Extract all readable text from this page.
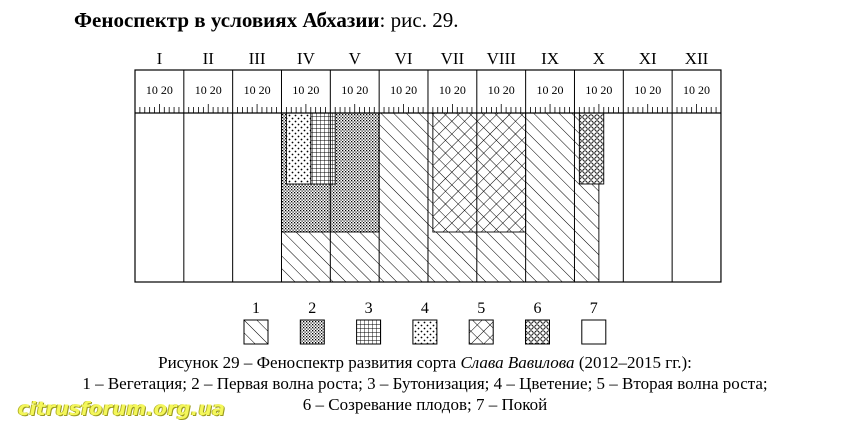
Феноспектр в условиях Абхазии: рис. 29.
I II III IV V VI VII VIII IX X XI XII
10 20 10 20 10 20 10 20 10 20 10 20 10 20 10 20 10 20 10 20 10 20 10 20
1	2	3	4	5	6	7
Рисунок 29 – Феноспектр развития сорта Слава Вавилова (2012–2015 гг.):
1 – Вегетация; 2 – Первая волна роста; 3 – Бутонизация; 4 – Цветение; 5 – Вторая волна роста;
6 – Созревание плодов; 7 – Покой
citrusforum.org.ua
